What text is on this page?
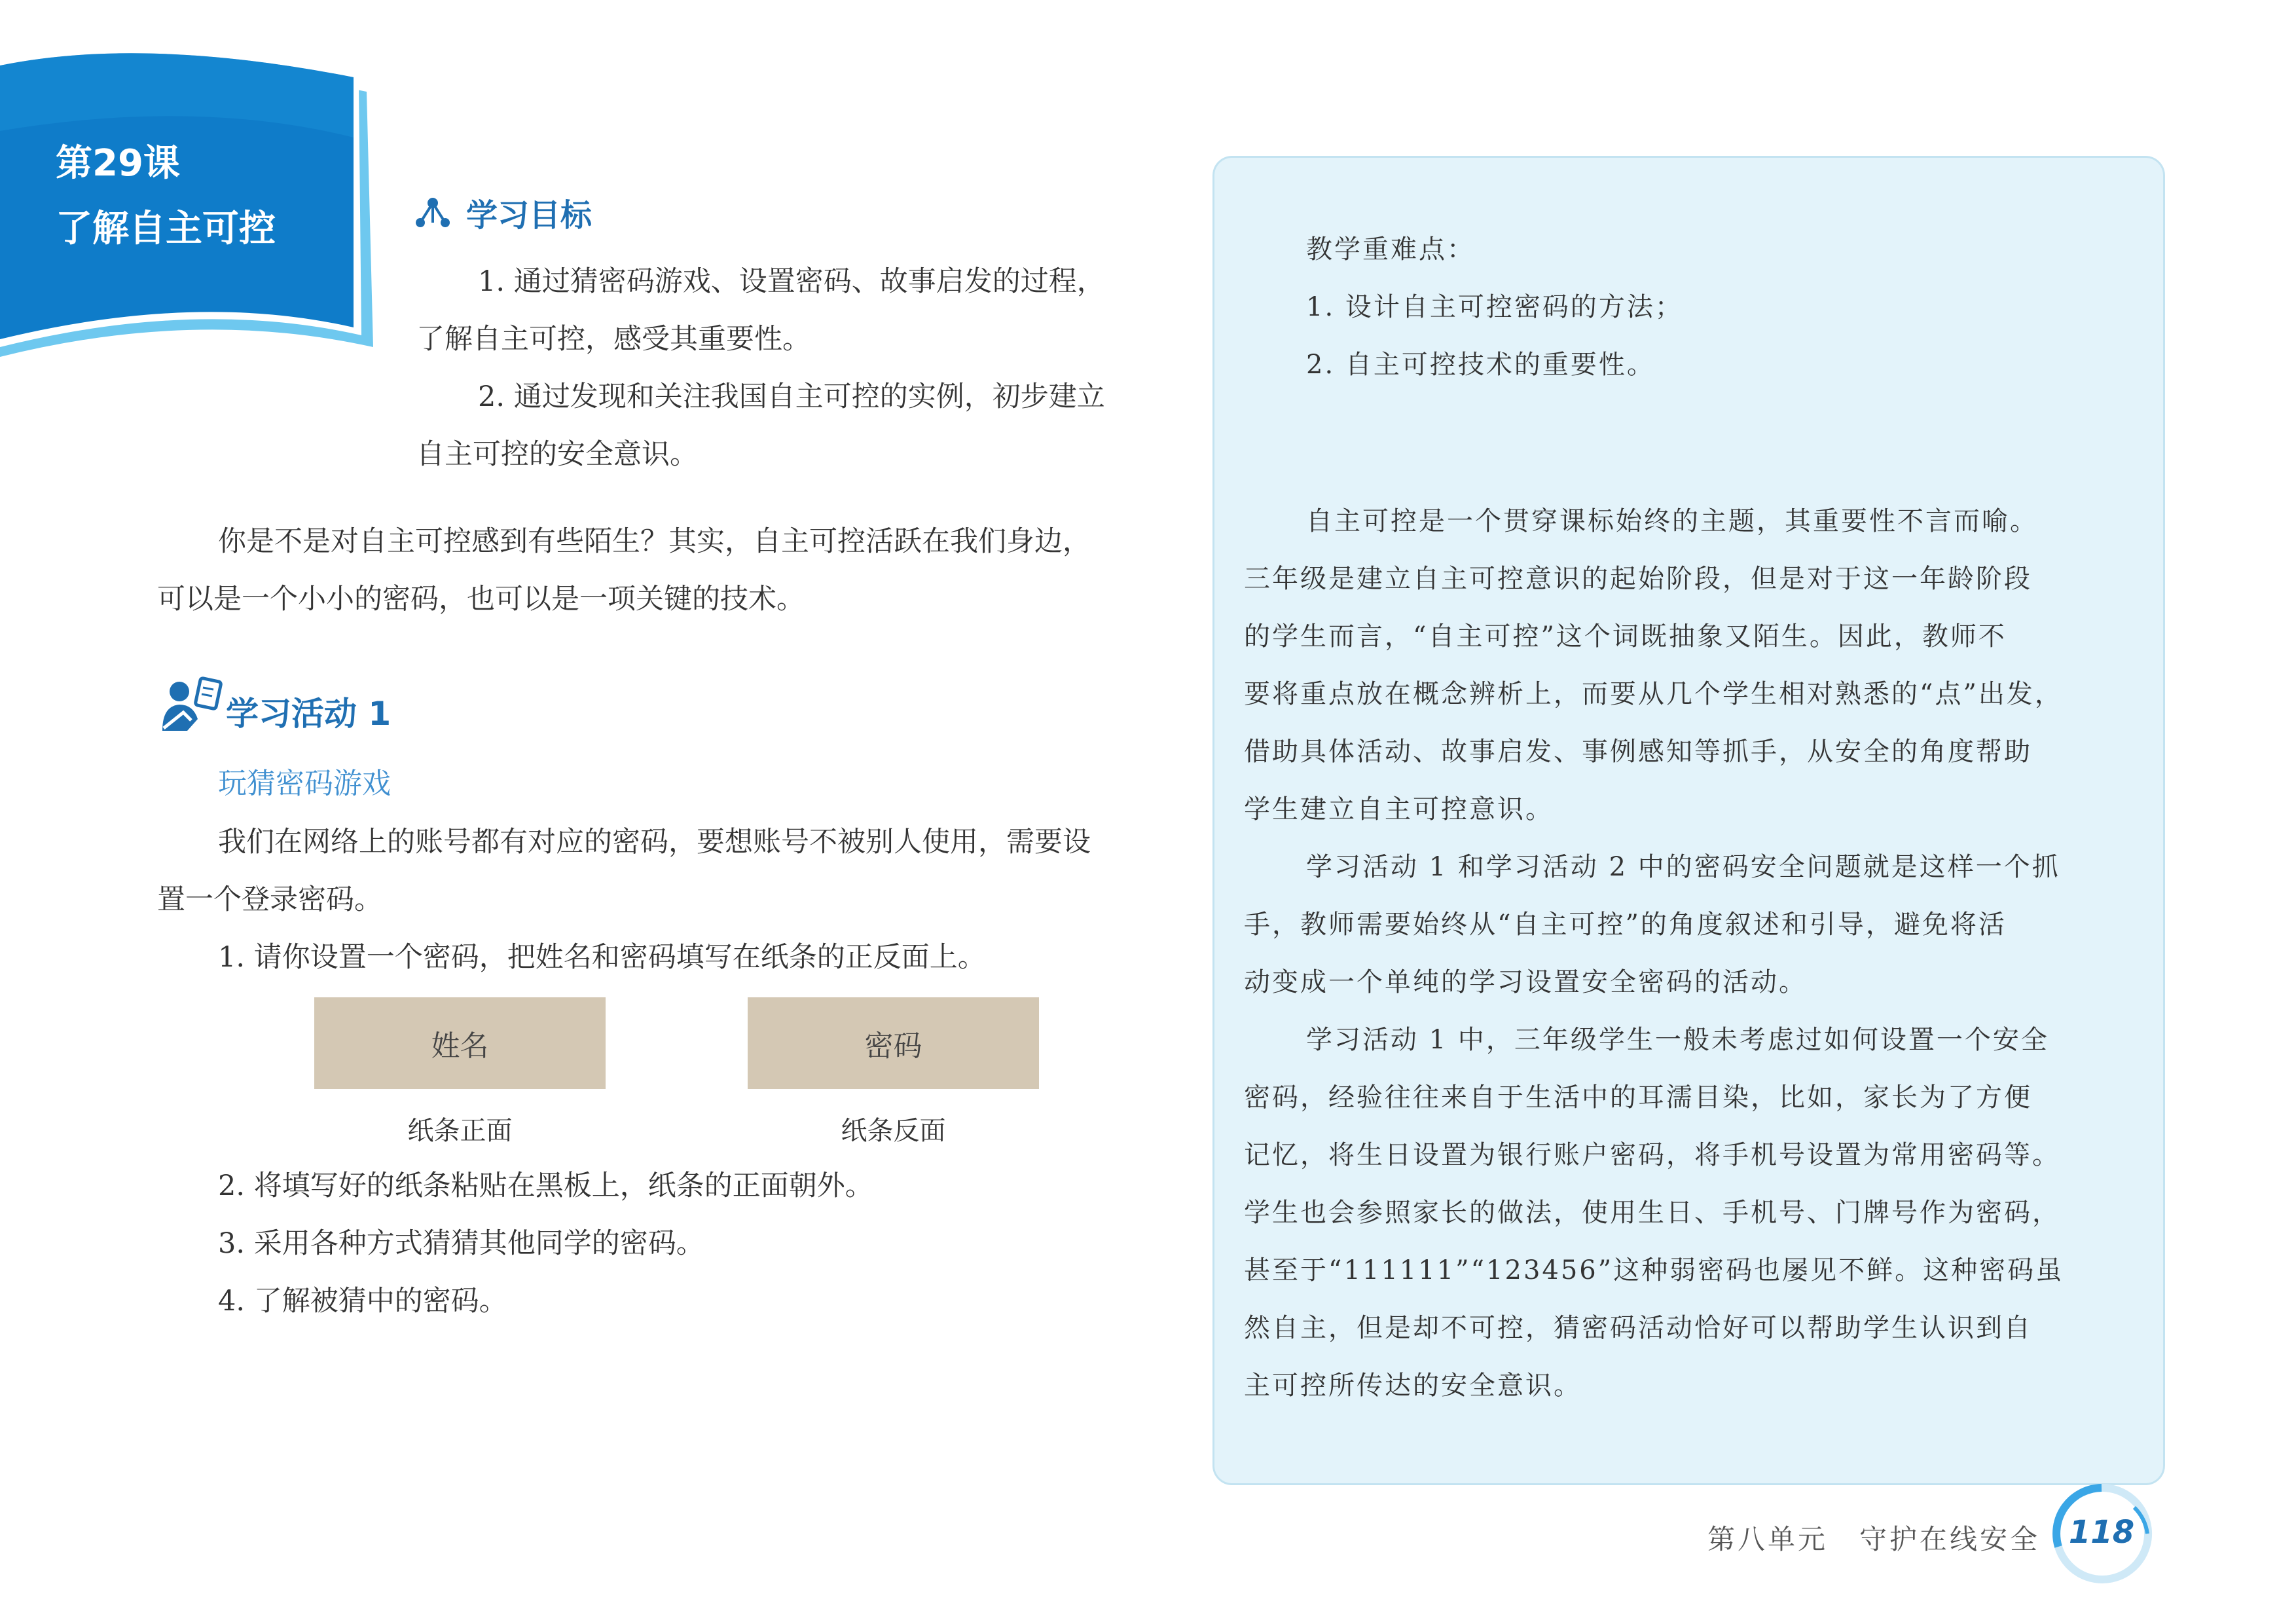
第29课
了解自主可控	学习目标
1. 通过猜密码游戏、设置密码、故事启发的过程，
了解自主可控，感受其重要性。
2. 通过发现和关注我国自主可控的实例，初步建立
自主可控的安全意识。
你是不是对自主可控感到有些陌生？其实，自主可控活跃在我们身边，
可以是一个小小的密码，也可以是一项关键的技术。
学习活动 1
玩猜密码游戏
我们在网络上的账号都有对应的密码，要想账号不被别人使用，需要设
置一个登录密码。
1. 请你设置一个密码，把姓名和密码填写在纸条的正反面上。
姓名	密码
纸条正面	纸条反面
2. 将填写好的纸条粘贴在黑板上，纸条的正面朝外。
3. 采用各种方式猜猜其他同学的密码。
4. 了解被猜中的密码。
教学重难点：
1. 设计自主可控密码的方法；
2. 自主可控技术的重要性。
自主可控是一个贯穿课标始终的主题，其重要性不言而喻。
三年级是建立自主可控意识的起始阶段，但是对于这一年龄阶段
的学生而言，“自主可控”这个词既抽象又陌生。因此，教师不
要将重点放在概念辨析上，而要从几个学生相对熟悉的“点”出发，
借助具体活动、故事启发、事例感知等抓手，从安全的角度帮助
学生建立自主可控意识。
学习活动 1 和学习活动 2 中的密码安全问题就是这样一个抓
手，教师需要始终从“自主可控”的角度叙述和引导，避免将活
动变成一个单纯的学习设置安全密码的活动。
学习活动 1 中，三年级学生一般未考虑过如何设置一个安全
密码，经验往往来自于生活中的耳濡目染，比如，家长为了方便
记忆，将生日设置为银行账户密码，将手机号设置为常用密码等。
学生也会参照家长的做法，使用生日、手机号、门牌号作为密码，
甚至于“111111”“123456”这种弱密码也屡见不鲜。这种密码虽
然自主，但是却不可控，猜密码活动恰好可以帮助学生认识到自
主可控所传达的安全意识。
第八单元 守护在线安全 118
